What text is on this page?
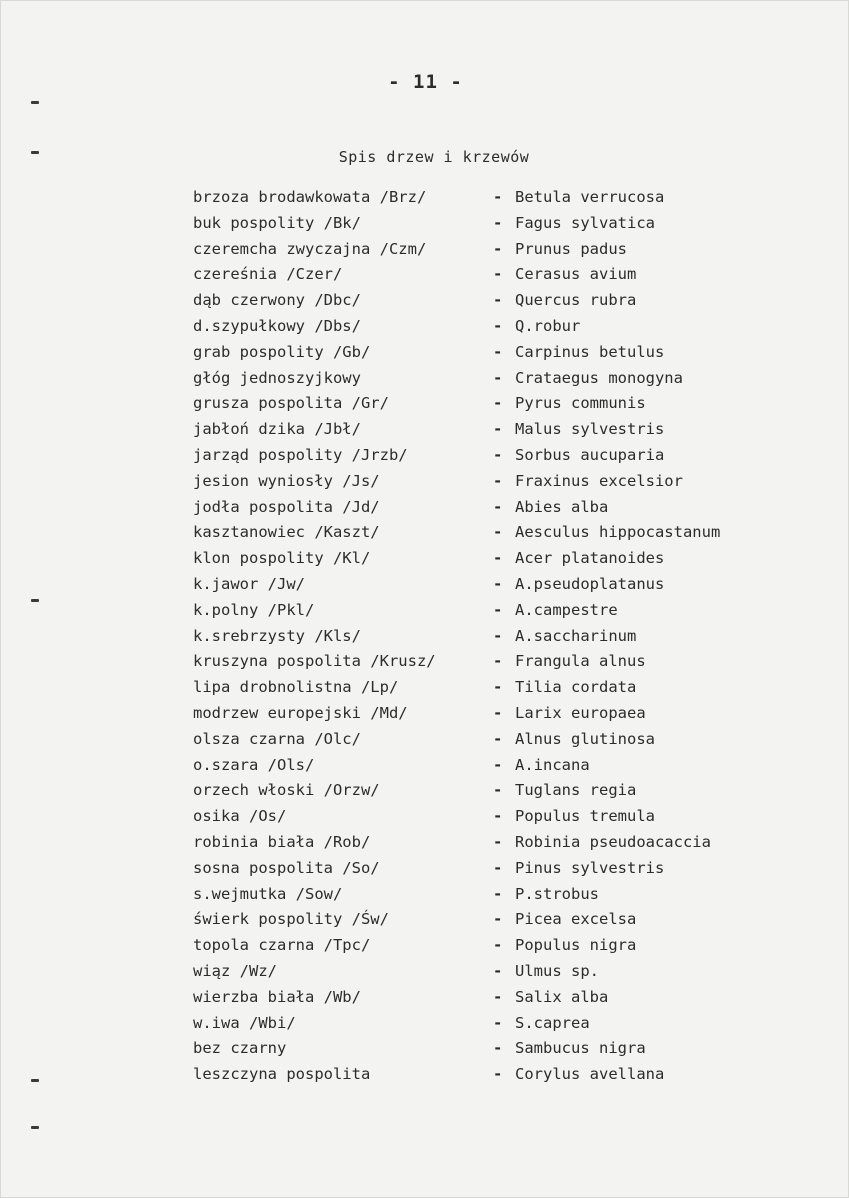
- 11 -
Spis drzew i krzewów
brzoza brodawkowata /Brz/	- Betula verrucosa
buk pospolity /Bk/	- Fagus sylvatica
czeremcha zwyczajna /Czm/	- Prunus padus
czereśnia /Czer/	- Cerasus avium
dąb czerwony /Dbc/	- Quercus rubra
d.szypułkowy /Dbs/	- Q.robur
grab pospolity /Gb/	- Carpinus betulus
głóg jednoszyjkowy	- Crataegus monogyna
grusza pospolita /Gr/	- Pyrus communis
jabłoń dzika /Jbł/	- Malus sylvestris
jarząd pospolity /Jrzb/	- Sorbus aucuparia
jesion wyniosły /Js/	- Fraxinus excelsior
jodła pospolita /Jd/	- Abies alba
kasztanowiec /Kaszt/	- Aesculus hippocastanum
klon pospolity /Kl/	- Acer platanoides
k.jawor /Jw/	- A.pseudoplatanus
k.polny /Pkl/	- A.campestre
k.srebrzysty /Kls/	- A.saccharinum
kruszyna pospolita /Krusz/	- Frangula alnus
lipa drobnolistna /Lp/	- Tilia cordata
modrzew europejski /Md/	- Larix europaea
olsza czarna /Olc/	- Alnus glutinosa
o.szara /Ols/	- A.incana
orzech włoski /Orzw/	- Tuglans regia
osika /Os/	- Populus tremula
robinia biała /Rob/	- Robinia pseudoacaccia
sosna pospolita /So/	- Pinus sylvestris
s.wejmutka /Sow/	- P.strobus
świerk pospolity /Św/	- Picea excelsa
topola czarna /Tpc/	- Populus nigra
wiąz /Wz/	- Ulmus sp.
wierzba biała /Wb/	- Salix alba
w.iwa /Wbi/	- S.caprea
bez czarny	- Sambucus nigra
leszczyna pospolita	- Corylus avellana
